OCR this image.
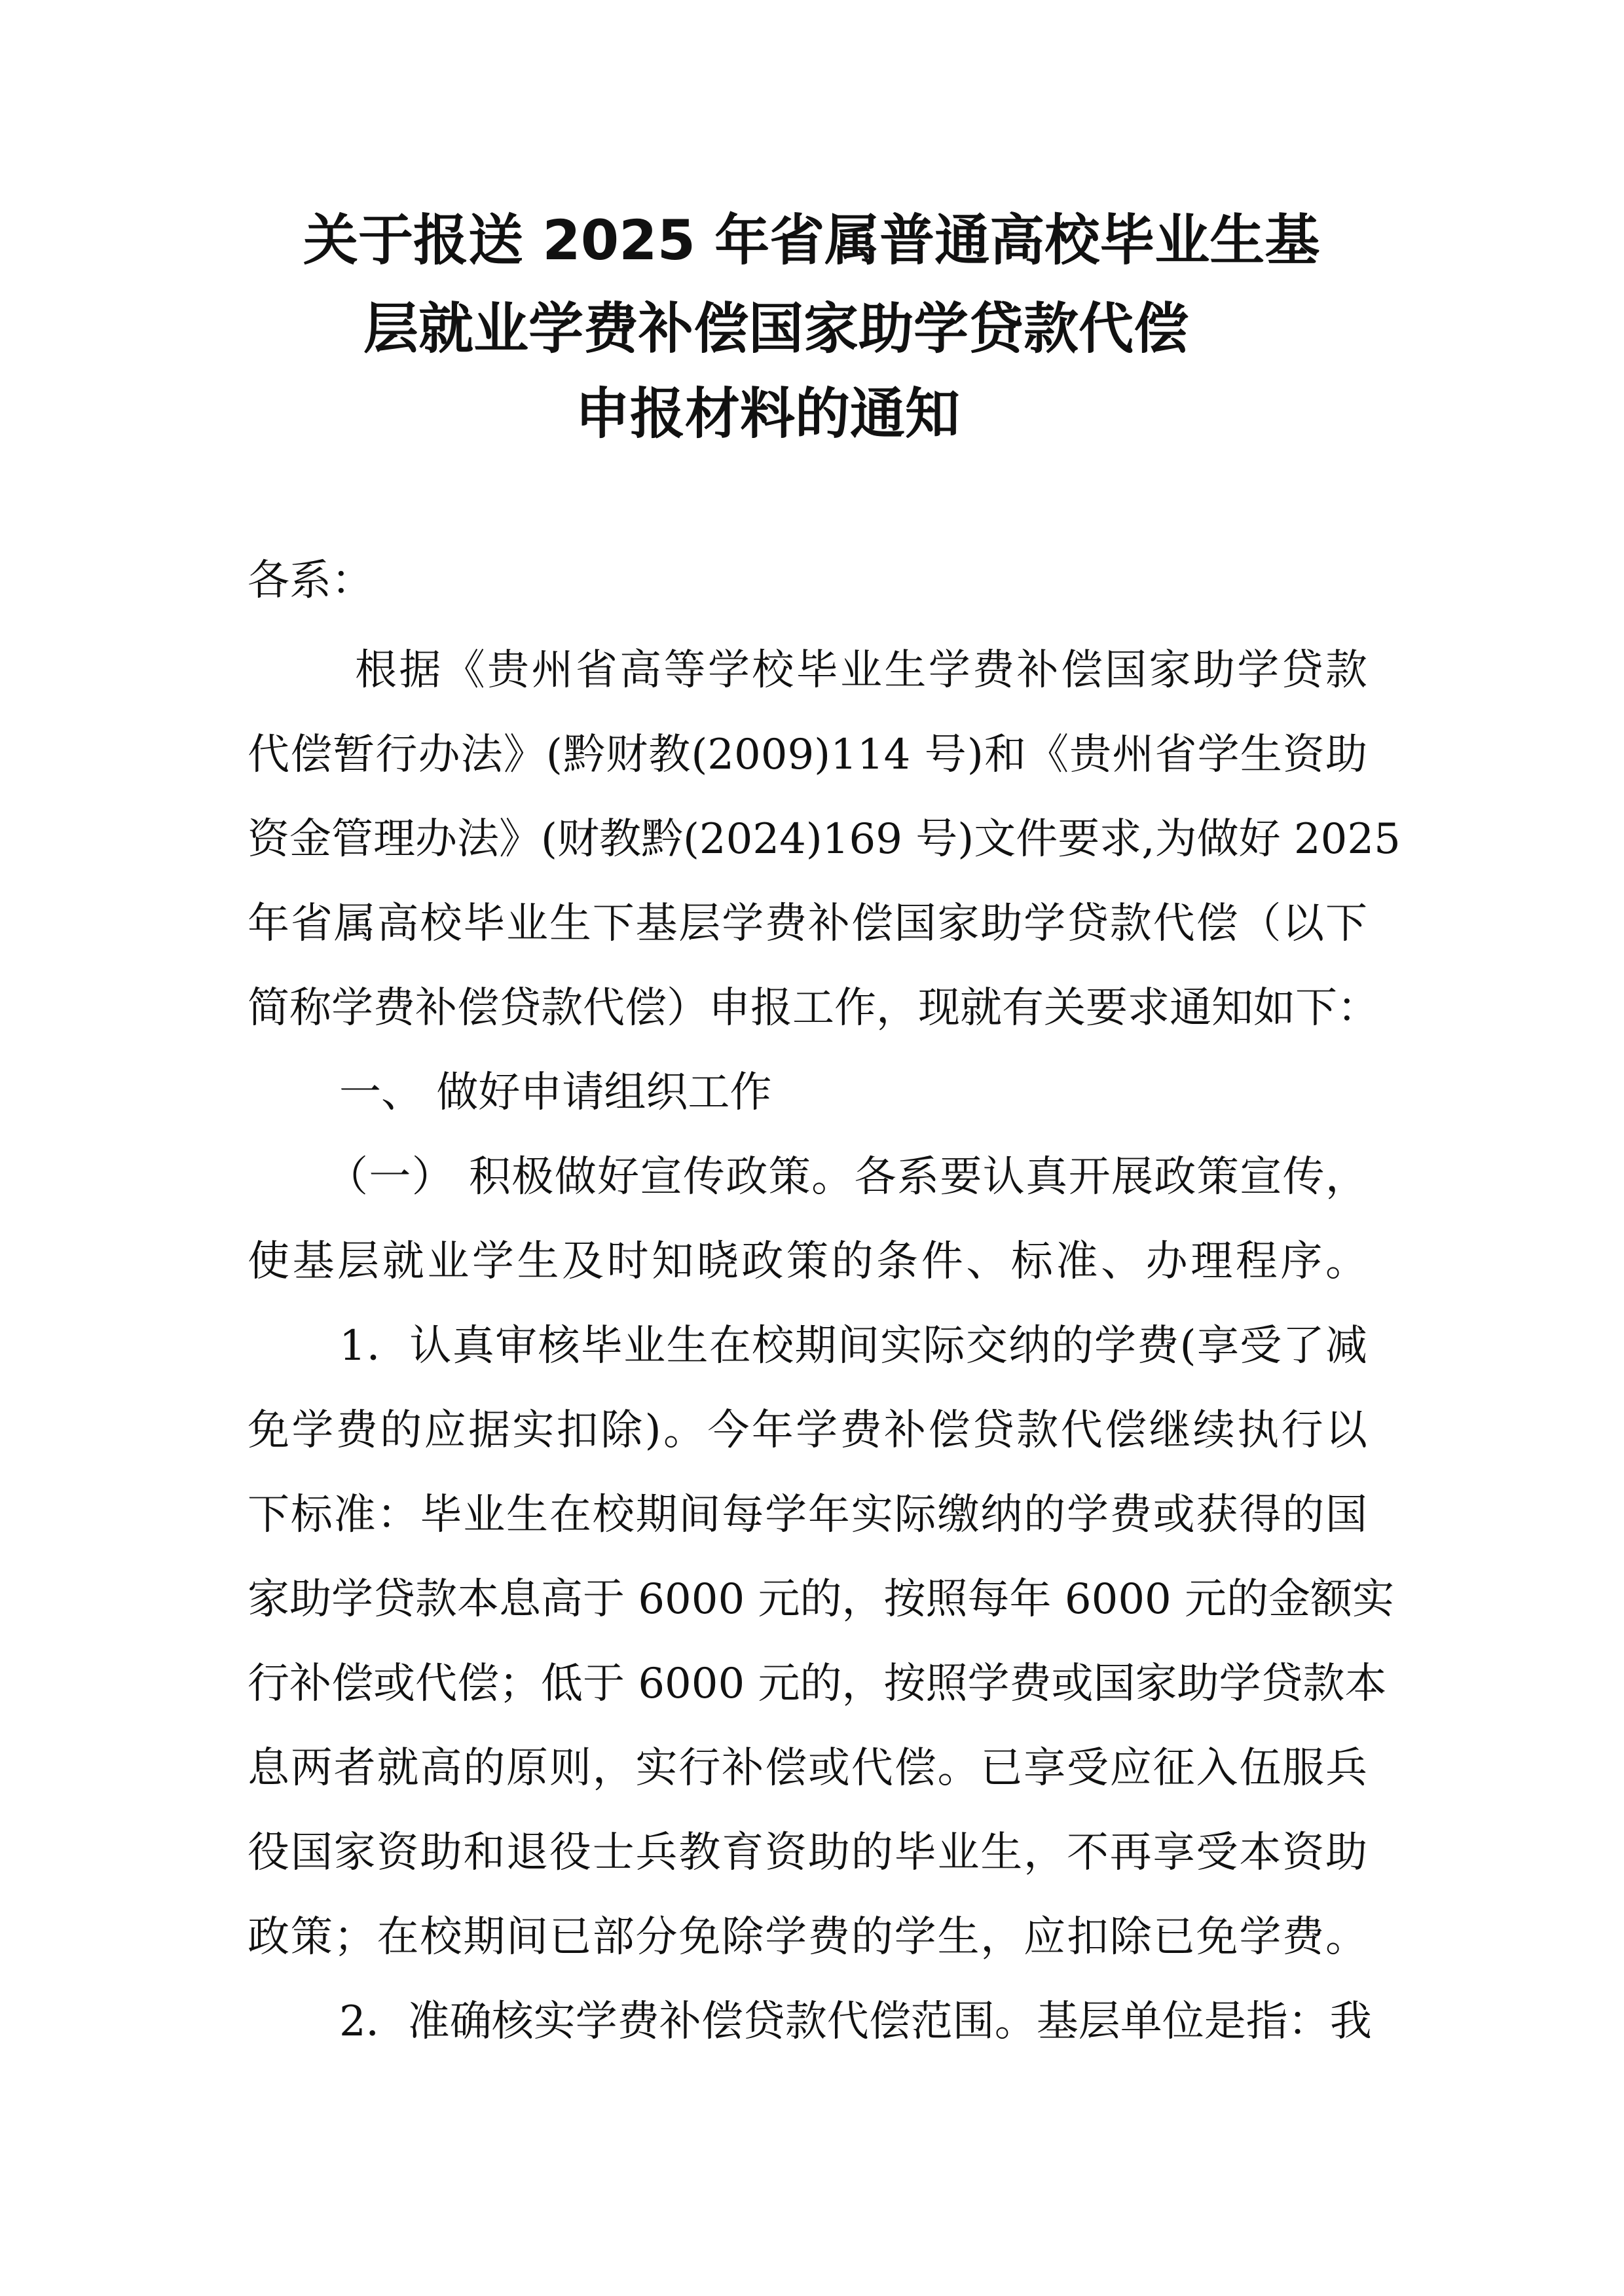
关于报送 2025 年省属普通高校毕业生基
层就业学费补偿国家助学贷款代偿
申报材料的通知
各系：
根据《贵州省高等学校毕业生学费补偿国家助学贷款
代偿暂行办法》(黔财教(2009)114 号)和《贵州省学生资助
资金管理办法》(财教黔(2024)169 号)文件要求,为做好 2025
年省属高校毕业生下基层学费补偿国家助学贷款代偿（以下
简称学费补偿贷款代偿）申报工作，现就有关要求通知如下：
一、 做好申请组织工作
（一） 积极做好宣传政策。各系要认真开展政策宣传，
使基层就业学生及时知晓政策的条件、标准、办理程序。
1．认真审核毕业生在校期间实际交纳的学费(享受了减
免学费的应据实扣除)。今年学费补偿贷款代偿继续执行以
下标准：毕业生在校期间每学年实际缴纳的学费或获得的国
家助学贷款本息高于 6000 元的，按照每年 6000 元的金额实
行补偿或代偿；低于 6000 元的，按照学费或国家助学贷款本
息两者就高的原则，实行补偿或代偿。已享受应征入伍服兵
役国家资助和退役士兵教育资助的毕业生，不再享受本资助
政策；在校期间已部分免除学费的学生，应扣除已免学费。
2．准确核实学费补偿贷款代偿范围。基层单位是指：我
